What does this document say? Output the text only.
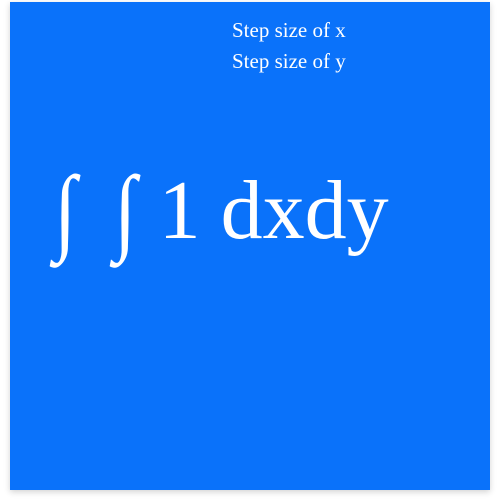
Step size of x
Step size of y
∫ ∫ 1 dxdy
